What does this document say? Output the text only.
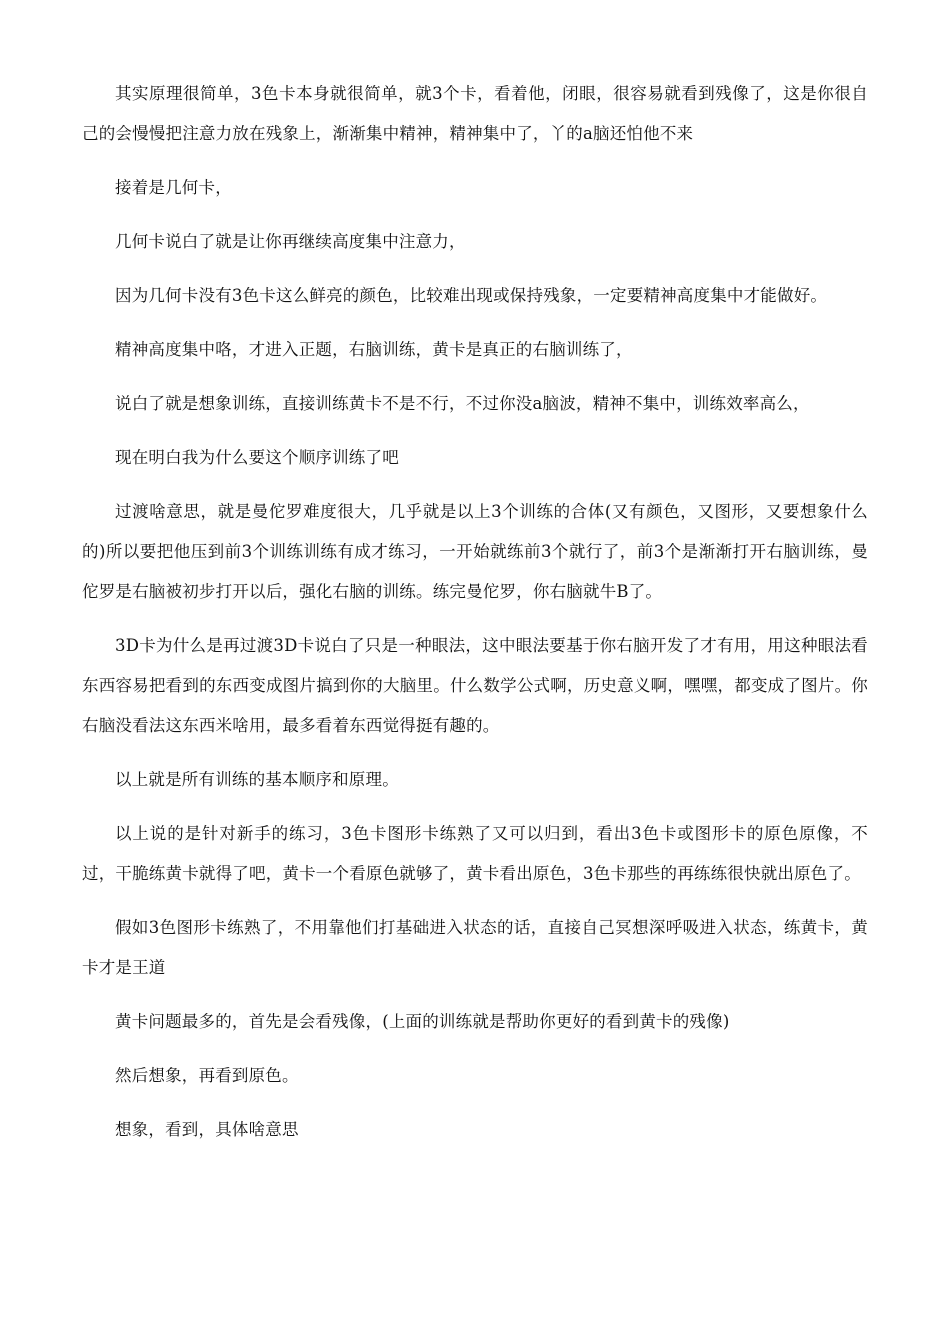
其实原理很简单，3色卡本身就很简单，就3个卡，看着他，闭眼，很容易就看到残像了，这是你很自己的会慢慢把注意力放在残象上，渐渐集中精神，精神集中了，丫的a脑还怕他不来

接着是几何卡，

几何卡说白了就是让你再继续高度集中注意力，

因为几何卡没有3色卡这么鲜亮的颜色，比较难出现或保持残象，一定要精神高度集中才能做好。

精神高度集中咯，才进入正题，右脑训练，黄卡是真正的右脑训练了，

说白了就是想象训练，直接训练黄卡不是不行，不过你没a脑波，精神不集中，训练效率高么，

现在明白我为什么要这个顺序训练了吧

过渡啥意思，就是曼佗罗难度很大，几乎就是以上3个训练的合体(又有颜色，又图形，又要想象什么的)所以要把他压到前3个训练训练有成才练习，一开始就练前3个就行了，前3个是渐渐打开右脑训练，曼佗罗是右脑被初步打开以后，强化右脑的训练。练完曼佗罗，你右脑就牛B了。

3D卡为什么是再过渡3D卡说白了只是一种眼法，这中眼法要基于你右脑开发了才有用，用这种眼法看东西容易把看到的东西变成图片搞到你的大脑里。什么数学公式啊，历史意义啊，嘿嘿，都变成了图片。你右脑没看法这东西米啥用，最多看着东西觉得挺有趣的。

以上就是所有训练的基本顺序和原理。

以上说的是针对新手的练习，3色卡图形卡练熟了又可以归到，看出3色卡或图形卡的原色原像，不过，干脆练黄卡就得了吧，黄卡一个看原色就够了，黄卡看出原色，3色卡那些的再练练很快就出原色了。

假如3色图形卡练熟了，不用靠他们打基础进入状态的话，直接自己冥想深呼吸进入状态，练黄卡，黄卡才是王道

黄卡问题最多的，首先是会看残像，(上面的训练就是帮助你更好的看到黄卡的残像)

然后想象，再看到原色。

想象，看到，具体啥意思
